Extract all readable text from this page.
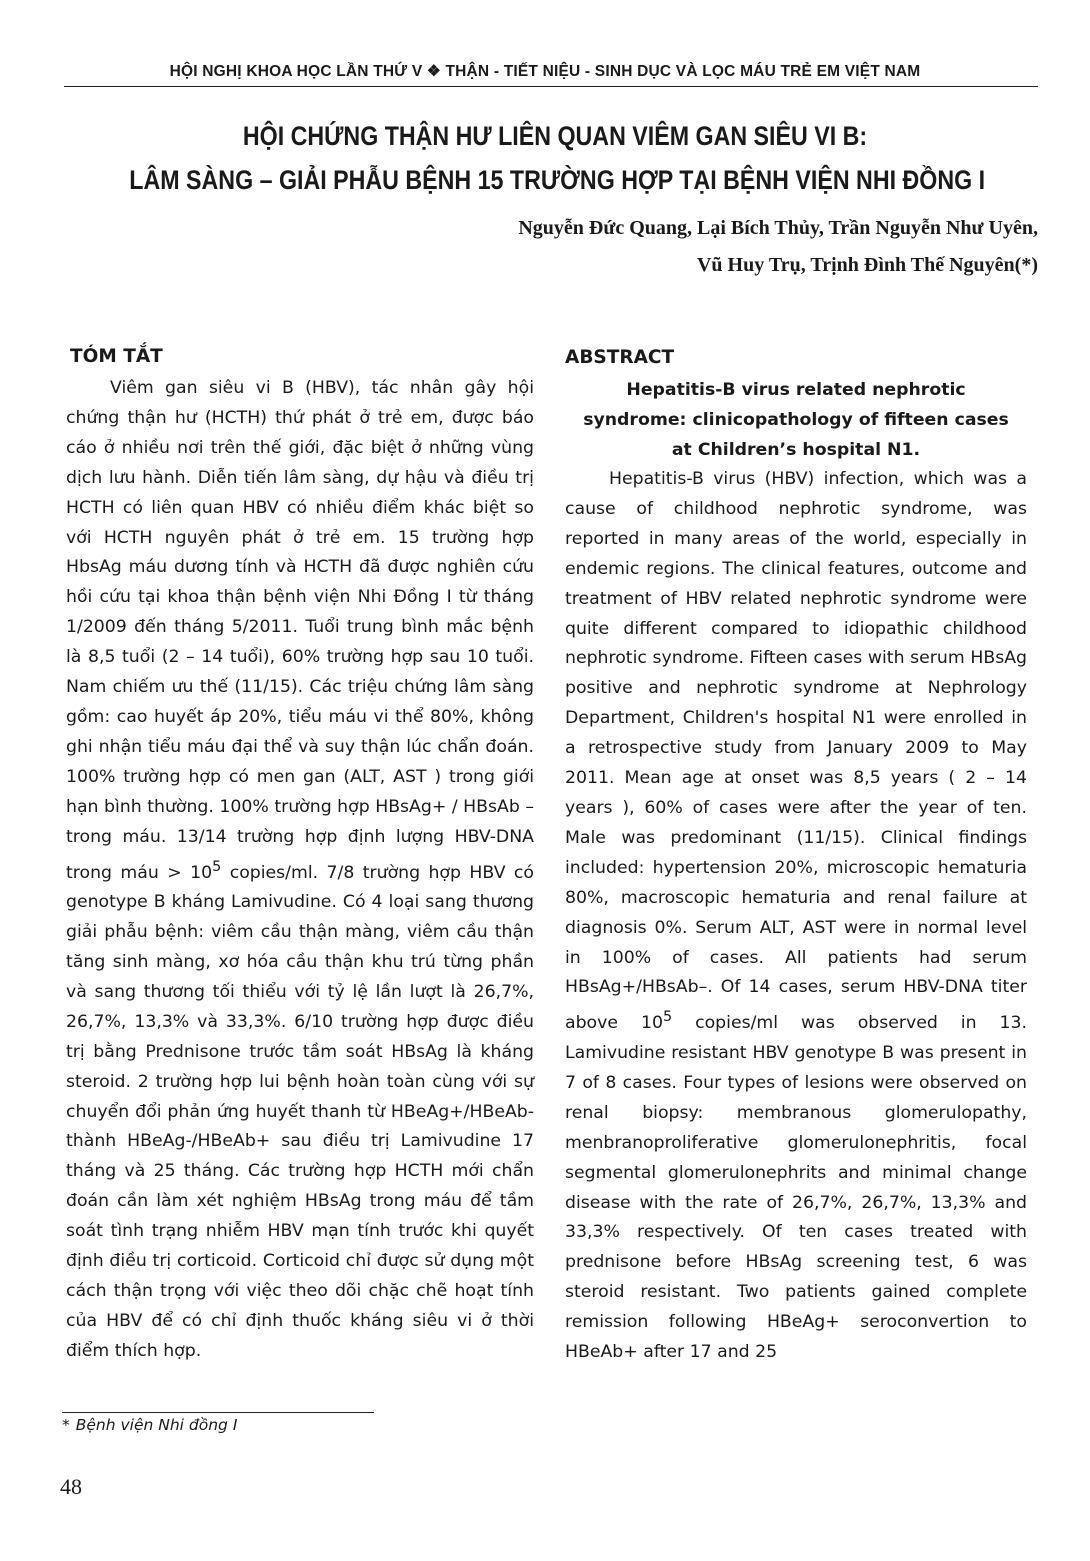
HỘI NGHỊ KHOA HỌC LẦN THỨ V ❖ THẬN - TIẾT NIỆU - SINH DỤC VÀ LỌC MÁU TRẺ EM VIỆT NAM
HỘI CHỨNG THẬN HƯ LIÊN QUAN VIÊM GAN SIÊU VI B:
LÂM SÀNG – GIẢI PHẪU BỆNH 15 TRƯỜNG HỢP TẠI BỆNH VIỆN NHI ĐỒNG I
Nguyễn Đức Quang, Lại Bích Thủy, Trần Nguyễn Như Uyên,
Vũ Huy Trụ, Trịnh Đình Thế Nguyên(*)
TÓM TẮT

Viêm gan siêu vi B (HBV), tác nhân gây hội chứng thận hư (HCTH) thứ phát ở trẻ em, được báo cáo ở nhiều nơi trên thế giới, đặc biệt ở những vùng dịch lưu hành. Diễn tiến lâm sàng, dự hậu và điều trị HCTH có liên quan HBV có nhiều điểm khác biệt so với HCTH nguyên phát ở trẻ em. 15 trường hợp HbsAg máu dương tính và HCTH đã được nghiên cứu hồi cứu tại khoa thận bệnh viện Nhi Đồng I từ tháng 1/2009 đến tháng 5/2011. Tuổi trung bình mắc bệnh là 8,5 tuổi (2 – 14 tuổi), 60% trường hợp sau 10 tuổi. Nam chiếm ưu thế (11/15). Các triệu chứng lâm sàng gồm: cao huyết áp 20%, tiểu máu vi thể 80%, không ghi nhận tiểu máu đại thể và suy thận lúc chẩn đoán. 100% trường hợp có men gan (ALT, AST ) trong giới hạn bình thường. 100% trường hợp HBsAg+ / HBsAb – trong máu. 13/14 trường hợp định lượng HBV-DNA trong máu > $10^5$ copies/ml. 7/8 trường hợp HBV có genotype B kháng Lamivudine. Có 4 loại sang thương giải phẫu bệnh: viêm cầu thận màng, viêm cầu thận tăng sinh màng, xơ hóa cầu thận khu trú từng phần và sang thương tối thiểu với tỷ lệ lần lượt là 26,7%, 26,7%, 13,3% và 33,3%. 6/10 trường hợp được điều trị bằng Prednisone trước tầm soát HBsAg là kháng steroid. 2 trường hợp lui bệnh hoàn toàn cùng với sự chuyển đổi phản ứng huyết thanh từ HBeAg+/HBeAb- thành HBeAg-/HBeAb+ sau điều trị Lamivudine 17 tháng và 25 tháng. Các trường hợp HCTH mới chẩn đoán cần làm xét nghiệm HBsAg trong máu để tầm soát tình trạng nhiễm HBV mạn tính trước khi quyết định điều trị corticoid. Corticoid chỉ được sử dụng một cách thận trọng với việc theo dõi chặc chẽ hoạt tính của HBV để có chỉ định thuốc kháng siêu vi ở thời điểm thích hợp.

ABSTRACT
Hepatitis-B virus related nephrotic
syndrome: clinicopathology of fifteen cases
at Children’s hospital N1.

Hepatitis-B virus (HBV) infection, which was a cause of childhood nephrotic syndrome, was reported in many areas of the world, especially in endemic regions. The clinical features, outcome and treatment of HBV related nephrotic syndrome were quite different compared to idiopathic childhood nephrotic syndrome. Fifteen cases with serum HBsAg positive and nephrotic syndrome at Nephrology Department, Children's hospital N1 were enrolled in a retrospective study from January 2009 to May 2011. Mean age at onset was 8,5 years ( 2 – 14 years ), 60% of cases were after the year of ten. Male was predominant (11/15). Clinical findings included: hypertension 20%, microscopic hematuria 80%, macroscopic hematuria and renal failure at diagnosis 0%. Serum ALT, AST were in normal level in 100% of cases. All patients had serum HBsAg+/HBsAb–. Of 14 cases, serum HBV-DNA titer above $10^5$ copies/ml was observed in 13. Lamivudine resistant HBV genotype B was present in 7 of 8 cases. Four types of lesions were observed on renal biopsy: membranous glomerulopathy, menbranoproliferative glomerulonephritis, focal segmental glomerulonephrits and minimal change disease with the rate of 26,7%, 26,7%, 13,3% and 33,3% respectively. Of ten cases treated with prednisone before HBsAg screening test, 6 was steroid resistant. Two patients gained complete remission following HBeAg+ seroconvertion to HBeAb+ after 17 and 25

* Bệnh viện Nhi đồng I
48
